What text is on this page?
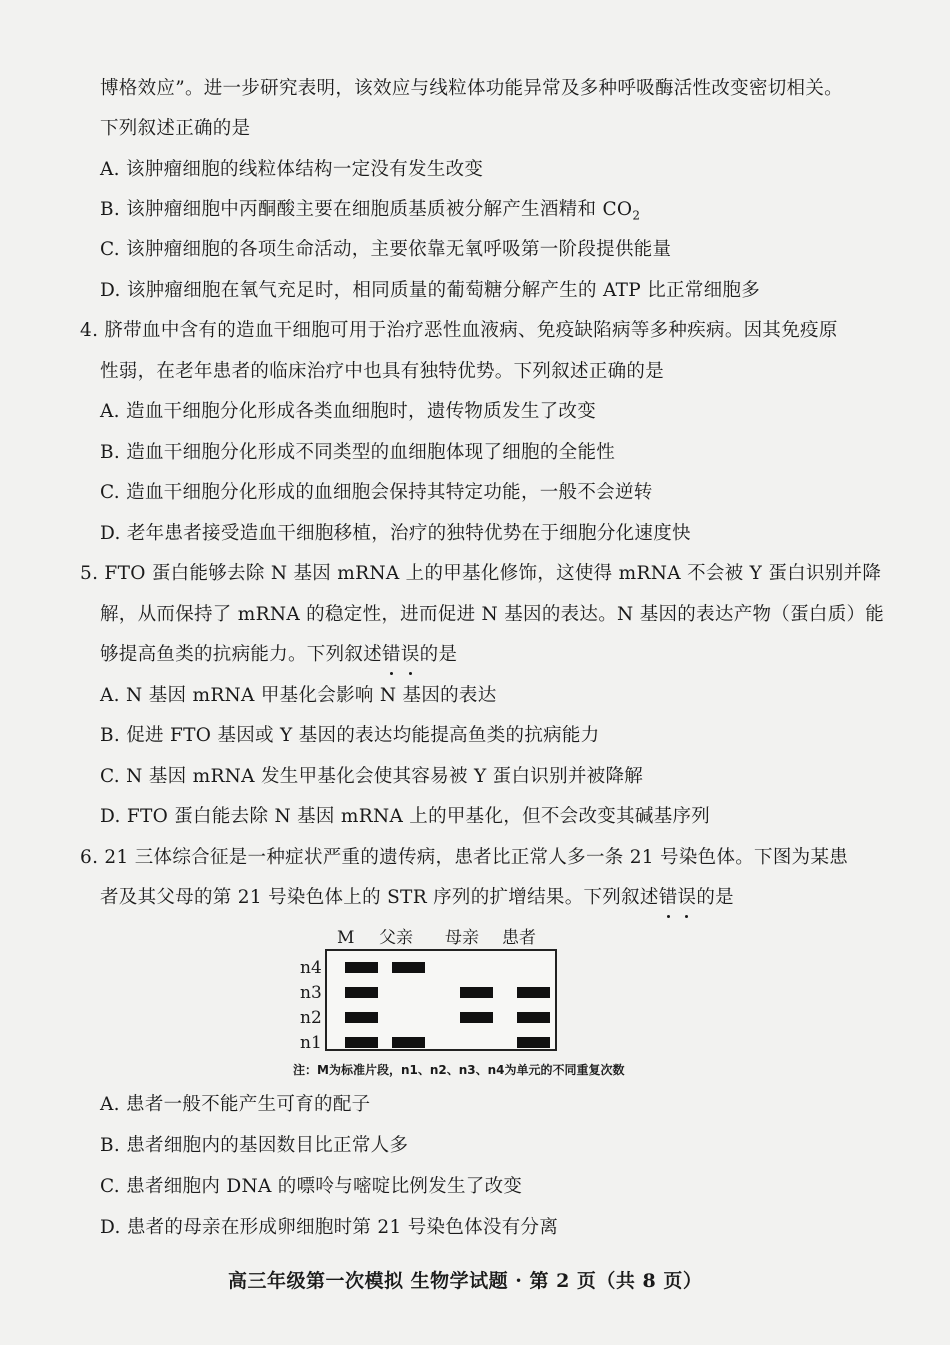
博格效应”。进一步研究表明，该效应与线粒体功能异常及多种呼吸酶活性改变密切相关。
下列叙述正确的是
A. 该肿瘤细胞的线粒体结构一定没有发生改变
B. 该肿瘤细胞中丙酮酸主要在细胞质基质被分解产生酒精和 $CO_2$
C. 该肿瘤细胞的各项生命活动，主要依靠无氧呼吸第一阶段提供能量
D. 该肿瘤细胞在氧气充足时，相同质量的葡萄糖分解产生的 ATP 比正常细胞多
4. 脐带血中含有的造血干细胞可用于治疗恶性血液病、免疫缺陷病等多种疾病。因其免疫原
性弱，在老年患者的临床治疗中也具有独特优势。下列叙述正确的是
A. 造血干细胞分化形成各类血细胞时，遗传物质发生了改变
B. 造血干细胞分化形成不同类型的血细胞体现了细胞的全能性
C. 造血干细胞分化形成的血细胞会保持其特定功能，一般不会逆转
D. 老年患者接受造血干细胞移植，治疗的独特优势在于细胞分化速度快
5. FTO 蛋白能够去除 N 基因 mRNA 上的甲基化修饰，这使得 mRNA 不会被 Y 蛋白识别并降
解，从而保持了 mRNA 的稳定性，进而促进 N 基因的表达。N 基因的表达产物（蛋白质）能
够提高鱼类的抗病能力。下列叙述错误的是
A. N 基因 mRNA 甲基化会影响 N 基因的表达
B. 促进 FTO 基因或 Y 基因的表达均能提高鱼类的抗病能力
C. N 基因 mRNA 发生甲基化会使其容易被 Y 蛋白识别并被降解
D. FTO 蛋白能去除 N 基因 mRNA 上的甲基化，但不会改变其碱基序列
6. 21 三体综合征是一种症状严重的遗传病，患者比正常人多一条 21 号染色体。下图为某患
者及其父母的第 21 号染色体上的 STR 序列的扩增结果。下列叙述错误的是
M 父亲 母亲 患者
n4
n3
n2
n1
注：M为标准片段，n1、n2、n3、n4为单元的不同重复次数
A. 患者一般不能产生可育的配子
B. 患者细胞内的基因数目比正常人多
C. 患者细胞内 DNA 的嘌呤与嘧啶比例发生了改变
D. 患者的母亲在形成卵细胞时第 21 号染色体没有分离
高三年级第一次模拟 生物学试题 · 第 2 页（共 8 页）
